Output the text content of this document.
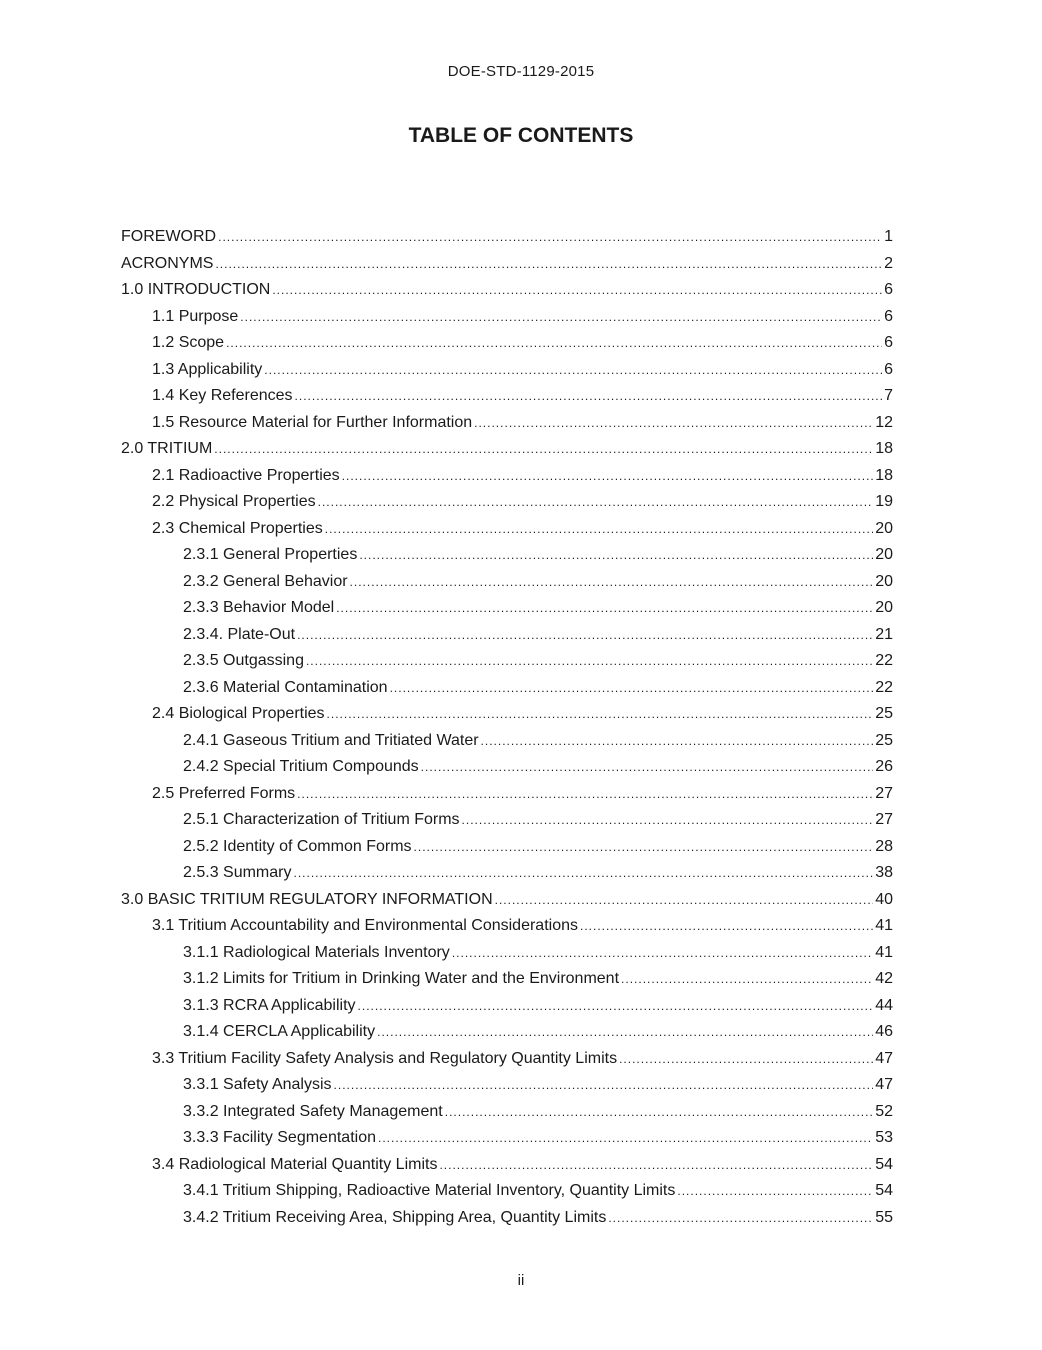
DOE-STD-1129-2015
TABLE OF CONTENTS
FOREWORD .....	1
ACRONYMS .....	2
1.0 INTRODUCTION .....	6
1.1 Purpose .....	6
1.2 Scope .....	6
1.3 Applicability .....	6
1.4 Key References .....	7
1.5 Resource Material for Further Information .....	12
2.0 TRITIUM .....	18
2.1 Radioactive Properties .....	18
2.2 Physical Properties .....	19
2.3 Chemical Properties .....	20
2.3.1 General Properties .....	20
2.3.2 General Behavior .....	20
2.3.3 Behavior Model .....	20
2.3.4. Plate-Out .....	21
2.3.5 Outgassing .....	22
2.3.6 Material Contamination .....	22
2.4 Biological Properties .....	25
2.4.1 Gaseous Tritium and Tritiated Water .....	25
2.4.2 Special Tritium Compounds .....	26
2.5 Preferred Forms .....	27
2.5.1 Characterization of Tritium Forms .....	27
2.5.2 Identity of Common Forms .....	28
2.5.3 Summary .....	38
3.0 BASIC TRITIUM REGULATORY INFORMATION .....	40
3.1 Tritium Accountability and Environmental Considerations .....	41
3.1.1 Radiological Materials Inventory .....	41
3.1.2 Limits for Tritium in Drinking Water and the Environment .....	42
3.1.3 RCRA Applicability .....	44
3.1.4 CERCLA Applicability .....	46
3.3 Tritium Facility Safety Analysis and Regulatory Quantity Limits .....	47
3.3.1 Safety Analysis .....	47
3.3.2 Integrated Safety Management .....	52
3.3.3 Facility Segmentation .....	53
3.4 Radiological Material Quantity Limits .....	54
3.4.1 Tritium Shipping, Radioactive Material Inventory, Quantity Limits .....	54
3.4.2 Tritium Receiving Area, Shipping Area, Quantity Limits .....	55
ii
